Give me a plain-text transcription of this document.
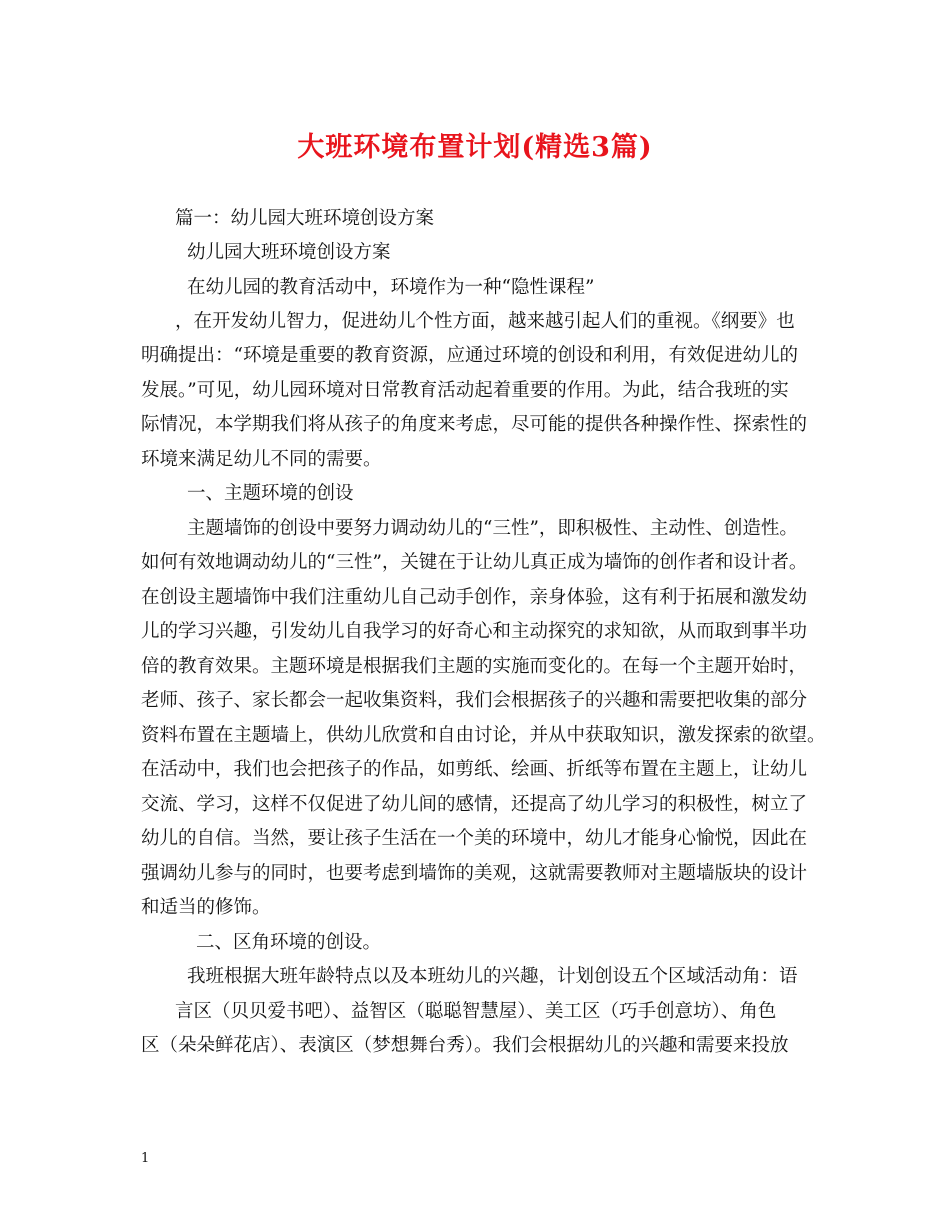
大班环境布置计划(精选3篇)
篇一：幼儿园大班环境创设方案
幼儿园大班环境创设方案
在幼儿园的教育活动中，环境作为一种“隐性课程”
，在开发幼儿智力，促进幼儿个性方面，越来越引起人们的重视。《纲要》也
明确提出：“环境是重要的教育资源，应通过环境的创设和利用，有效促进幼儿的
发展。”可见，幼儿园环境对日常教育活动起着重要的作用。为此，结合我班的实
际情况，本学期我们将从孩子的角度来考虑，尽可能的提供各种操作性、探索性的
环境来满足幼儿不同的需要。
一、主题环境的创设
主题墙饰的创设中要努力调动幼儿的“三性”，即积极性、主动性、创造性。
如何有效地调动幼儿的“三性”，关键在于让幼儿真正成为墙饰的创作者和设计者。
在创设主题墙饰中我们注重幼儿自己动手创作，亲身体验，这有利于拓展和激发幼
儿的学习兴趣，引发幼儿自我学习的好奇心和主动探究的求知欲，从而取到事半功
倍的教育效果。主题环境是根据我们主题的实施而变化的。在每一个主题开始时，
老师、孩子、家长都会一起收集资料，我们会根据孩子的兴趣和需要把收集的部分
资料布置在主题墙上，供幼儿欣赏和自由讨论，并从中获取知识，激发探索的欲望。
在活动中，我们也会把孩子的作品，如剪纸、绘画、折纸等布置在主题上，让幼儿
交流、学习，这样不仅促进了幼儿间的感情，还提高了幼儿学习的积极性，树立了
幼儿的自信。当然，要让孩子生活在一个美的环境中，幼儿才能身心愉悦，因此在
强调幼儿参与的同时，也要考虑到墙饰的美观，这就需要教师对主题墙版块的设计
和适当的修饰。
二、区角环境的创设。
我班根据大班年龄特点以及本班幼儿的兴趣，计划创设五个区域活动角：语
言区（贝贝爱书吧）、益智区（聪聪智慧屋）、美工区（巧手创意坊）、角色
区（朵朵鲜花店）、表演区（梦想舞台秀）。我们会根据幼儿的兴趣和需要来投放
1
